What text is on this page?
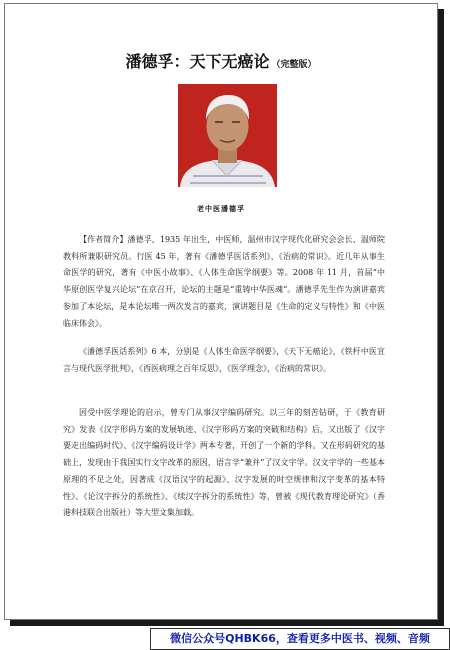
潘德孚：天下无癌论 （完整版）
老中医潘德孚

【作者简介】潘德孚，1935 年出生，中医师，温州市汉字现代化研究会会长、温师院教科所兼职研究员。行医 45 年，著有《潘德孚医话系列》、《治病的常识》。近几年从事生命医学的研究，著有《中医小故事》、《人体生命医学纲要》等。2008 年 11 月，首届“中华原创医学复兴论坛”在京召开，论坛的主题是“重铸中华医魂”。潘德孚先生作为演讲嘉宾参加了本论坛，是本论坛唯一两次发言的嘉宾，演讲题目是《生命的定义与特性》和《中医临床体会》。

《潘德孚医话系列》6 本，分别是《人体生命医学纲要》，《天下无癌论》，《铁杆中医宣言与现代医学批判》，《西医病理之百年反思》，《医学理念》，《治病的常识》。

因受中医学理论的启示，曾专门从事汉字编码研究。以三年的刻苦钻研，于《教育研究》发表《汉字形码方案的发展轨迹、《汉字形码方案的突破和结构》后，又出版了《汉字要走出编码时代》、《汉字编码设计学》两本专著，开创了一个新的学科。又在形码研究的基础上，发现由于我国实行文字改革的原因，语言学“兼并”了汉文字学。汉文字学的一些基本原理的不足之处，因著成《汉语汉字的起源》、汉字发展的时空规律和汉字变革的基本特性》、《论汉字拆分的系统性》、《续汉字拆分的系统性》等，曾被《现代教育理论研究》（香港科技联合出版社）等大型文集加载。

微信公众号QHBK66，查看更多中医书、视频、音频
